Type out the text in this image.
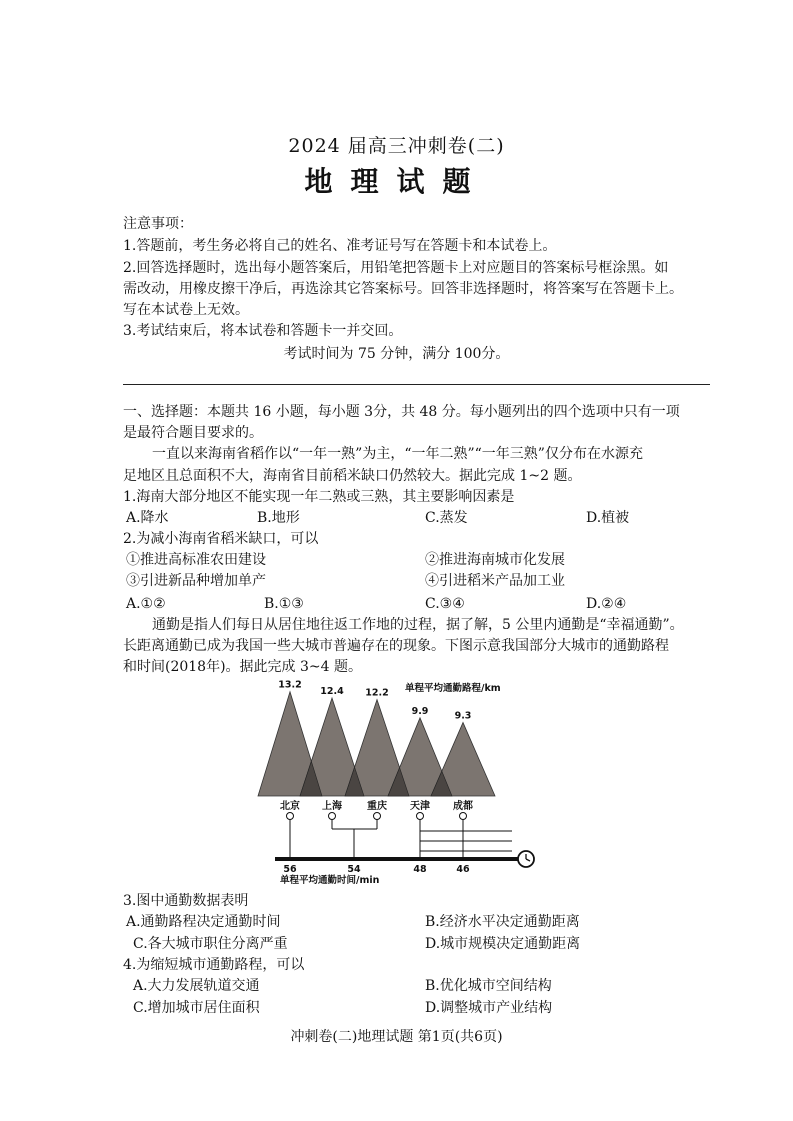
2024 届高三冲刺卷(二)
地理试题
注意事项：
1.答题前，考生务必将自己的姓名、准考证号写在答题卡和本试卷上。
2.回答选择题时，选出每小题答案后，用铅笔把答题卡上对应题目的答案标号框涂黑。如
需改动，用橡皮擦干净后，再选涂其它答案标号。回答非选择题时，将答案写在答题卡上。
写在本试卷上无效。
3.考试结束后，将本试卷和答题卡一并交回。
考试时间为 75 分钟，满分 100分。
一、选择题：本题共 16 小题，每小题 3分，共 48 分。每小题列出的四个选项中只有一项
是最符合题目要求的。
一直以来海南省稻作以“一年一熟”为主，“一年二熟”“一年三熟”仅分布在水源充
足地区且总面积不大，海南省目前稻米缺口仍然较大。据此完成 1~2 题。
1.海南大部分地区不能实现一年二熟或三熟，其主要影响因素是
A.降水	B.地形	C.蒸发	D.植被
2.为减小海南省稻米缺口，可以
①推进高标准农田建设	②推进海南城市化发展
③引进新品种增加单产	④引进稻米产品加工业
A.①②	B.①③	C.③④	D.②④
通勤是指人们每日从居住地往返工作地的过程，据了解，5 公里内通勤是“幸福通勤”。
长距离通勤已成为我国一些大城市普遍存在的现象。下图示意我国部分大城市的通勤路程
和时间(2018年)。据此完成 3~4 题。
单程平均通勤路程/km
13.2
12.4 12.2
9.9	9.3
北京 上海	重庆 天津 成都
56	54	48	46
单程平均通勤时间/min
3.图中通勤数据表明
A.通勤路程决定通勤时间	B.经济水平决定通勤距离
C.各大城市职住分离严重	D.城市规模决定通勤距离
4.为缩短城市通勤路程，可以
A.大力发展轨道交通	B.优化城市空间结构
C.增加城市居住面积	D.调整城市产业结构
冲刺卷(二)地理试题 第1页(共6页)
